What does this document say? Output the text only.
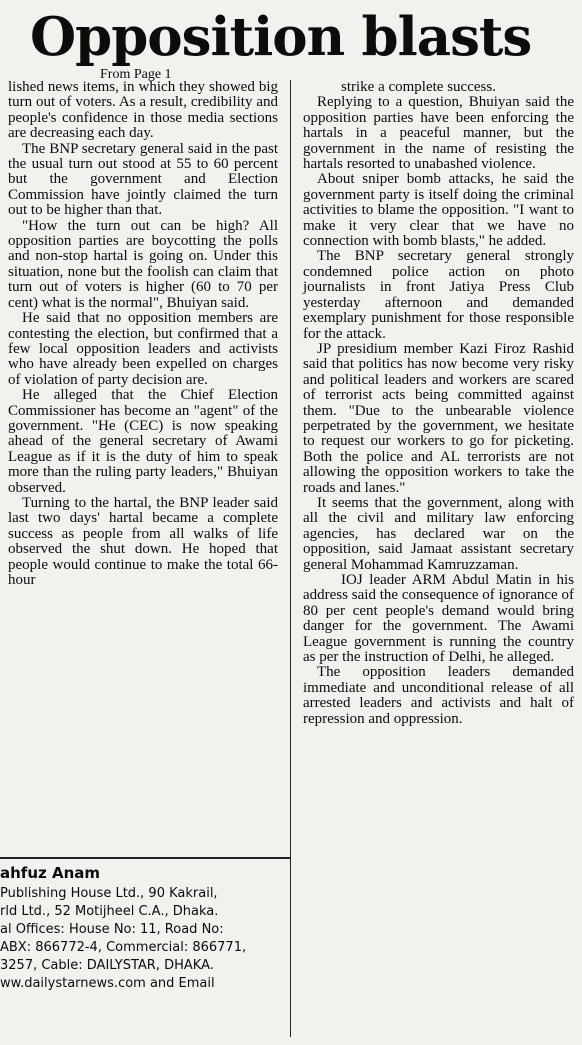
Opposition blasts
From Page 1

lished news items, in which they showed big turn out of voters. As a result, credibility and people's confidence in those media sections are decreasing each day.

The BNP secretary general said in the past the usual turn out stood at 55 to 60 percent but the government and Election Commission have jointly claimed the turn out to be higher than that.

"How the turn out can be high? All opposition parties are boycotting the polls and non-stop hartal is going on. Under this situation, none but the foolish can claim that turn out of voters is higher (60 to 70 per cent) what is the normal", Bhuiyan said.

He said that no opposition members are contesting the election, but confirmed that a few local opposition leaders and activists who have already been expelled on charges of violation of party decision are.

He alleged that the Chief Election Commissioner has become an "agent" of the government. "He (CEC) is now speaking ahead of the general secretary of Awami League as if it is the duty of him to speak more than the ruling party leaders," Bhuiyan observed.

Turning to the hartal, the BNP leader said last two days' hartal became a complete success as people from all walks of life observed the shut down. He hoped that people would continue to make the total 66-hour

strike a complete success.

Replying to a question, Bhuiyan said the opposition parties have been enforcing the hartals in a peaceful manner, but the government in the name of resisting the hartals resorted to unabashed violence.

About sniper bomb attacks, he said the government party is itself doing the criminal activities to blame the opposition. "I want to make it very clear that we have no connection with bomb blasts," he added.

The BNP secretary general strongly condemned police action on photo journalists in front Jatiya Press Club yesterday afternoon and demanded exemplary punishment for those responsible for the attack.

JP presidium member Kazi Firoz Rashid said that politics has now become very risky and political leaders and workers are scared of terrorist acts being committed against them. "Due to the unbearable violence perpetrated by the government, we hesitate to request our workers to go for picketing. Both the police and AL terrorists are not allowing the opposition workers to take the roads and lanes."

It seems that the government, along with all the civil and military law enforcing agencies, has declared war on the opposition, said Jamaat assistant secretary general Mohammad Kamruzzaman.

IOJ leader ARM Abdul Matin in his address said the consequence of ignorance of 80 per cent people's demand would bring danger for the government. The Awami League government is running the country as per the instruction of Delhi, he alleged.

The opposition leaders demanded immediate and unconditional release of all arrested leaders and activists and halt of repression and oppression.

ahfuz Anam
Publishing House Ltd., 90 Kakrail,
rld Ltd., 52 Motijheel C.A., Dhaka.
al Offices: House No: 11, Road No:
ABX: 866772-4, Commercial: 866771,
3257, Cable: DAILYSTAR, DHAKA.
ww.dailystarnews.com and Email
